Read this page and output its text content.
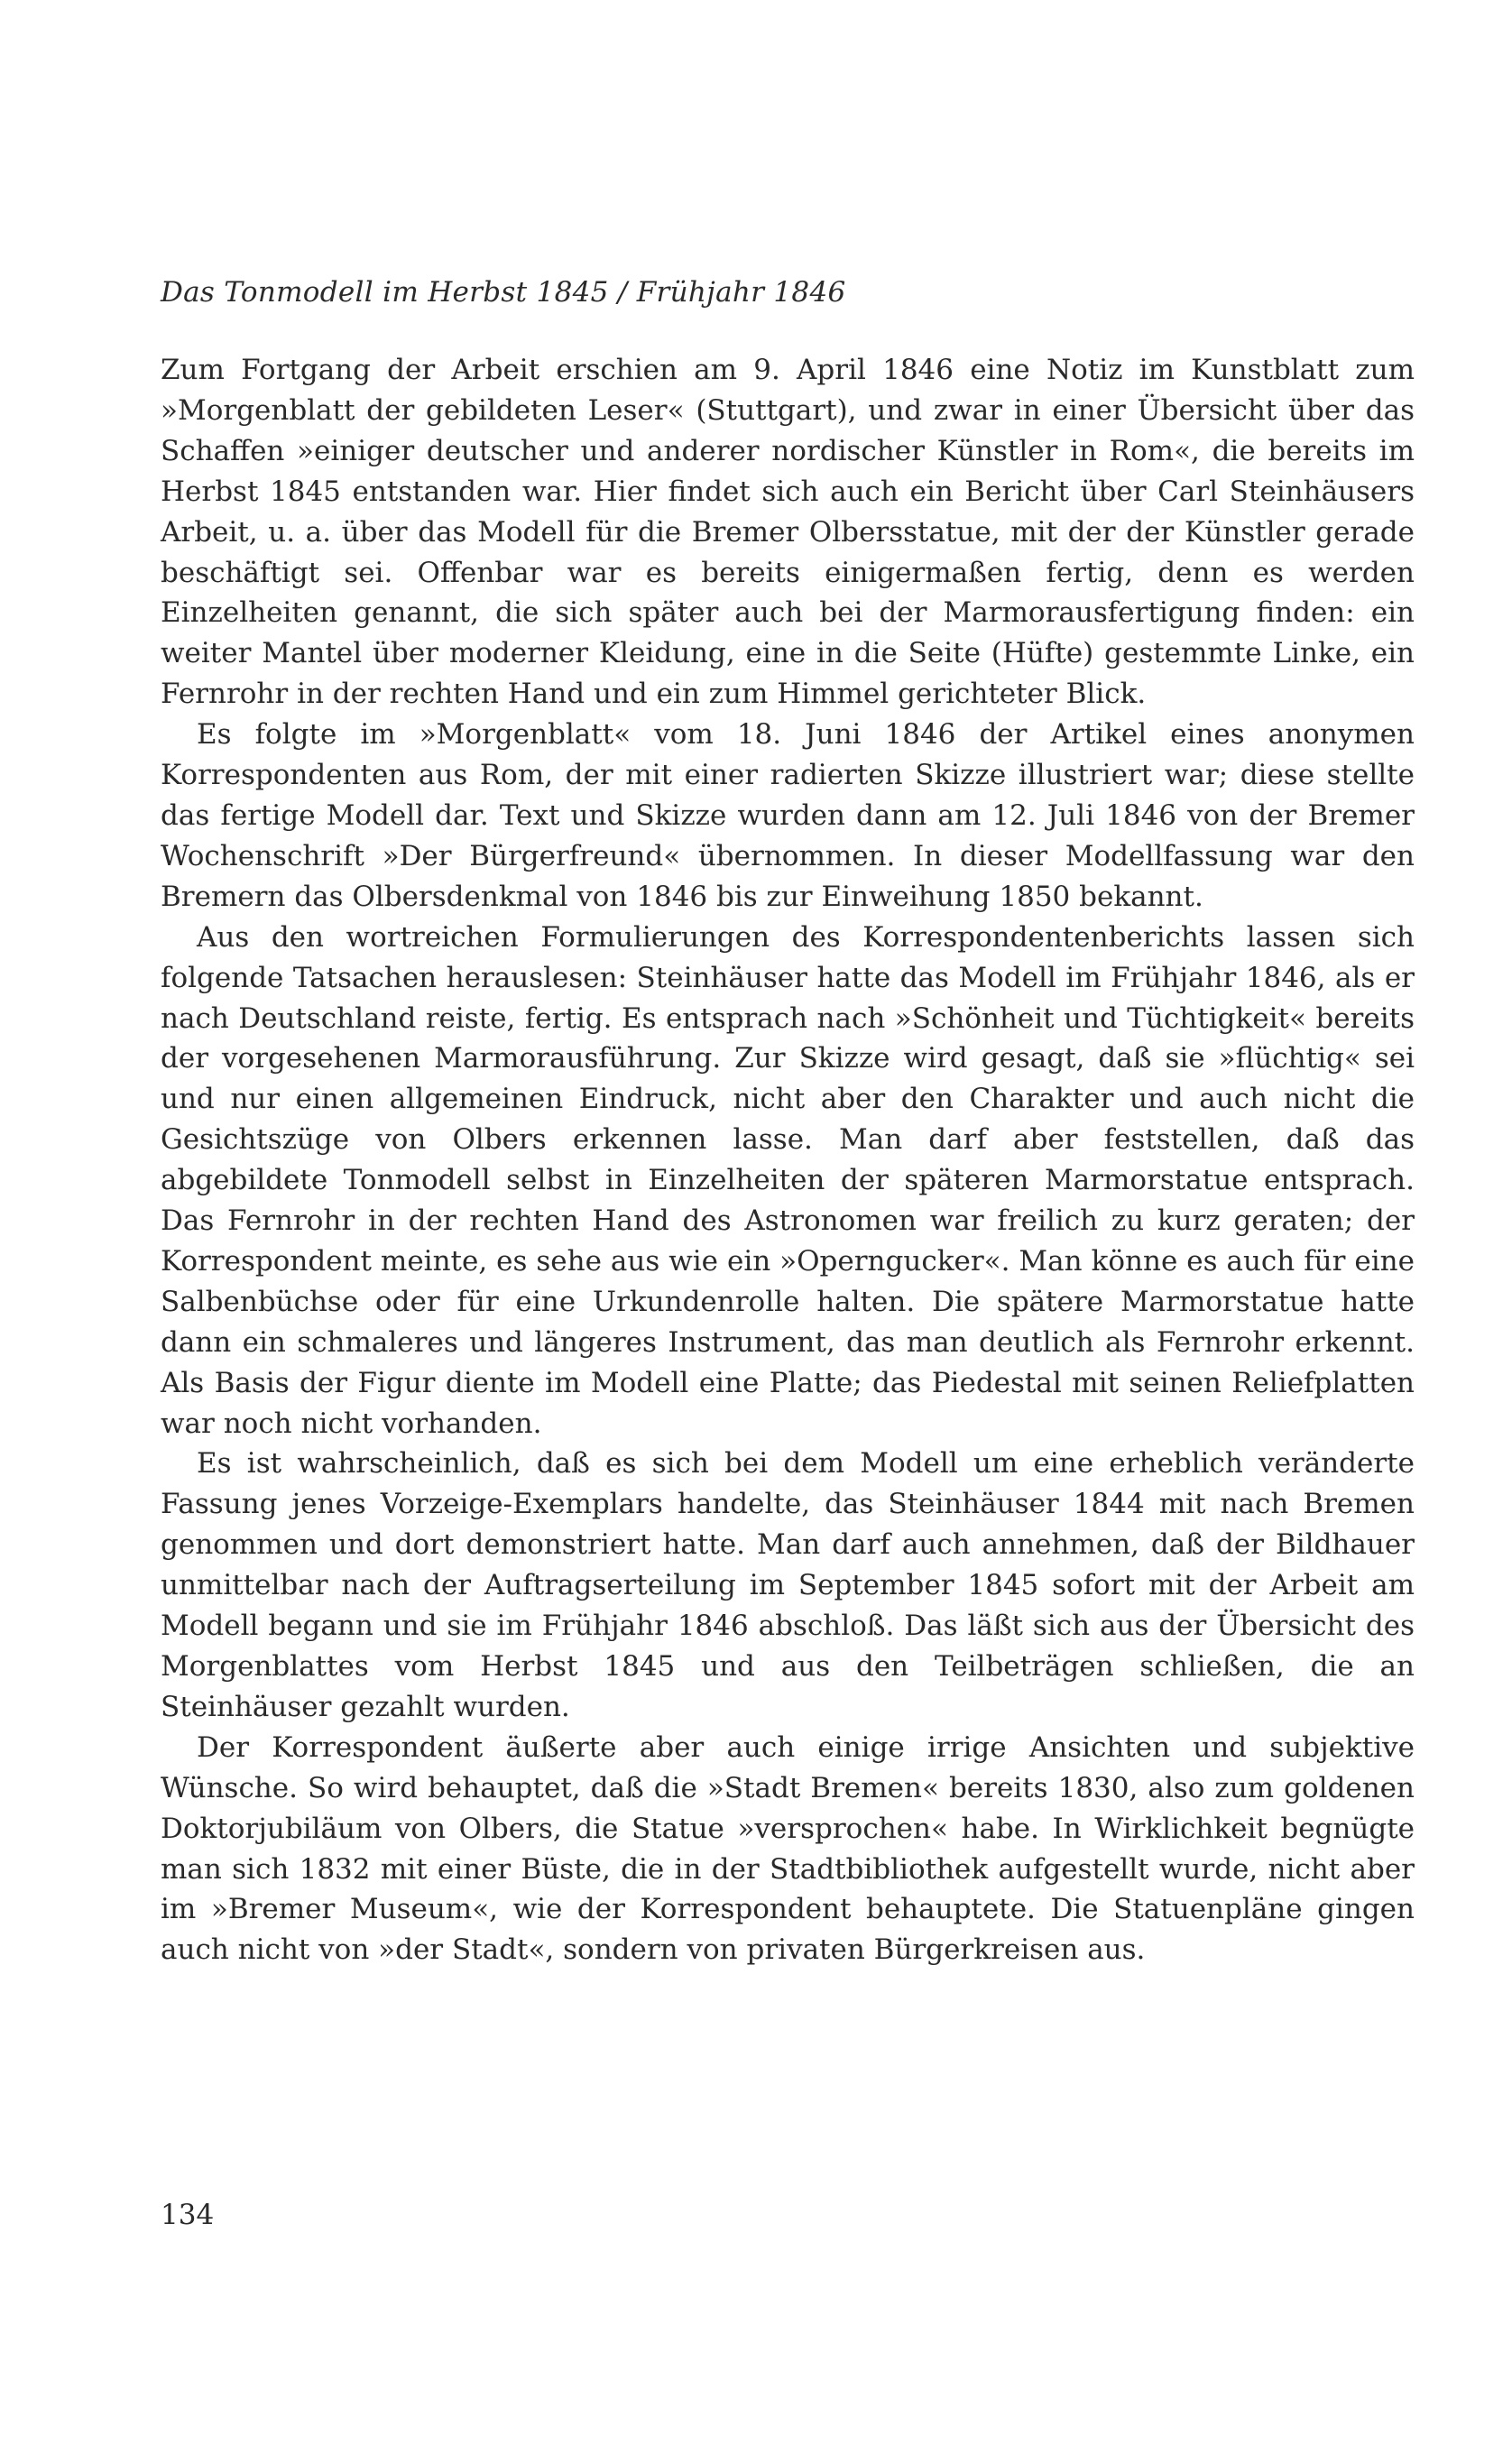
Das Tonmodell im Herbst 1845 / Frühjahr 1846

Zum Fortgang der Arbeit erschien am 9. April 1846 eine Notiz im Kunstblatt zum »Morgenblatt der gebildeten Leser« (Stuttgart), und zwar in einer Übersicht über das Schaffen »einiger deutscher und anderer nordischer Künstler in Rom«, die bereits im Herbst 1845 entstanden war. Hier findet sich auch ein Bericht über Carl Steinhäusers Arbeit, u. a. über das Modell für die Bremer Olbersstatue, mit der der Künstler gerade beschäftigt sei. Offenbar war es bereits einigermaßen fertig, denn es werden Einzelheiten genannt, die sich später auch bei der Marmorausfertigung finden: ein weiter Mantel über moderner Kleidung, eine in die Seite (Hüfte) gestemmte Linke, ein Fernrohr in der rechten Hand und ein zum Himmel gerichteter Blick.

Es folgte im »Morgenblatt« vom 18. Juni 1846 der Artikel eines anonymen Korrespondenten aus Rom, der mit einer radierten Skizze illustriert war; diese stellte das fertige Modell dar. Text und Skizze wurden dann am 12. Juli 1846 von der Bremer Wochenschrift »Der Bürgerfreund« übernommen. In dieser Modellfassung war den Bremern das Olbersdenkmal von 1846 bis zur Einweihung 1850 bekannt.

Aus den wortreichen Formulierungen des Korrespondentenberichts lassen sich folgende Tatsachen herauslesen: Steinhäuser hatte das Modell im Frühjahr 1846, als er nach Deutschland reiste, fertig. Es entsprach nach »Schönheit und Tüchtigkeit« bereits der vorgesehenen Marmorausführung. Zur Skizze wird gesagt, daß sie »flüchtig« sei und nur einen allgemeinen Eindruck, nicht aber den Charakter und auch nicht die Gesichtszüge von Olbers erkennen lasse. Man darf aber feststellen, daß das abgebildete Tonmodell selbst in Einzelheiten der späteren Marmorstatue entsprach. Das Fernrohr in der rechten Hand des Astronomen war freilich zu kurz geraten; der Korrespondent meinte, es sehe aus wie ein »Operngucker«. Man könne es auch für eine Salbenbüchse oder für eine Urkundenrolle halten. Die spätere Marmorstatue hatte dann ein schmaleres und längeres Instrument, das man deutlich als Fernrohr erkennt. Als Basis der Figur diente im Modell eine Platte; das Piedestal mit seinen Reliefplatten war noch nicht vorhanden.

Es ist wahrscheinlich, daß es sich bei dem Modell um eine erheblich veränderte Fassung jenes Vorzeige-Exemplars handelte, das Steinhäuser 1844 mit nach Bremen genommen und dort demonstriert hatte. Man darf auch annehmen, daß der Bildhauer unmittelbar nach der Auftragserteilung im September 1845 sofort mit der Arbeit am Modell begann und sie im Frühjahr 1846 abschloß. Das läßt sich aus der Übersicht des Morgenblattes vom Herbst 1845 und aus den Teilbeträgen schließen, die an Steinhäuser gezahlt wurden.

Der Korrespondent äußerte aber auch einige irrige Ansichten und subjektive Wünsche. So wird behauptet, daß die »Stadt Bremen« bereits 1830, also zum goldenen Doktorjubiläum von Olbers, die Statue »versprochen« habe. In Wirklichkeit begnügte man sich 1832 mit einer Büste, die in der Stadtbibliothek aufgestellt wurde, nicht aber im »Bremer Museum«, wie der Korrespondent behauptete. Die Statuenpläne gingen auch nicht von »der Stadt«, sondern von privaten Bürgerkreisen aus.

134
